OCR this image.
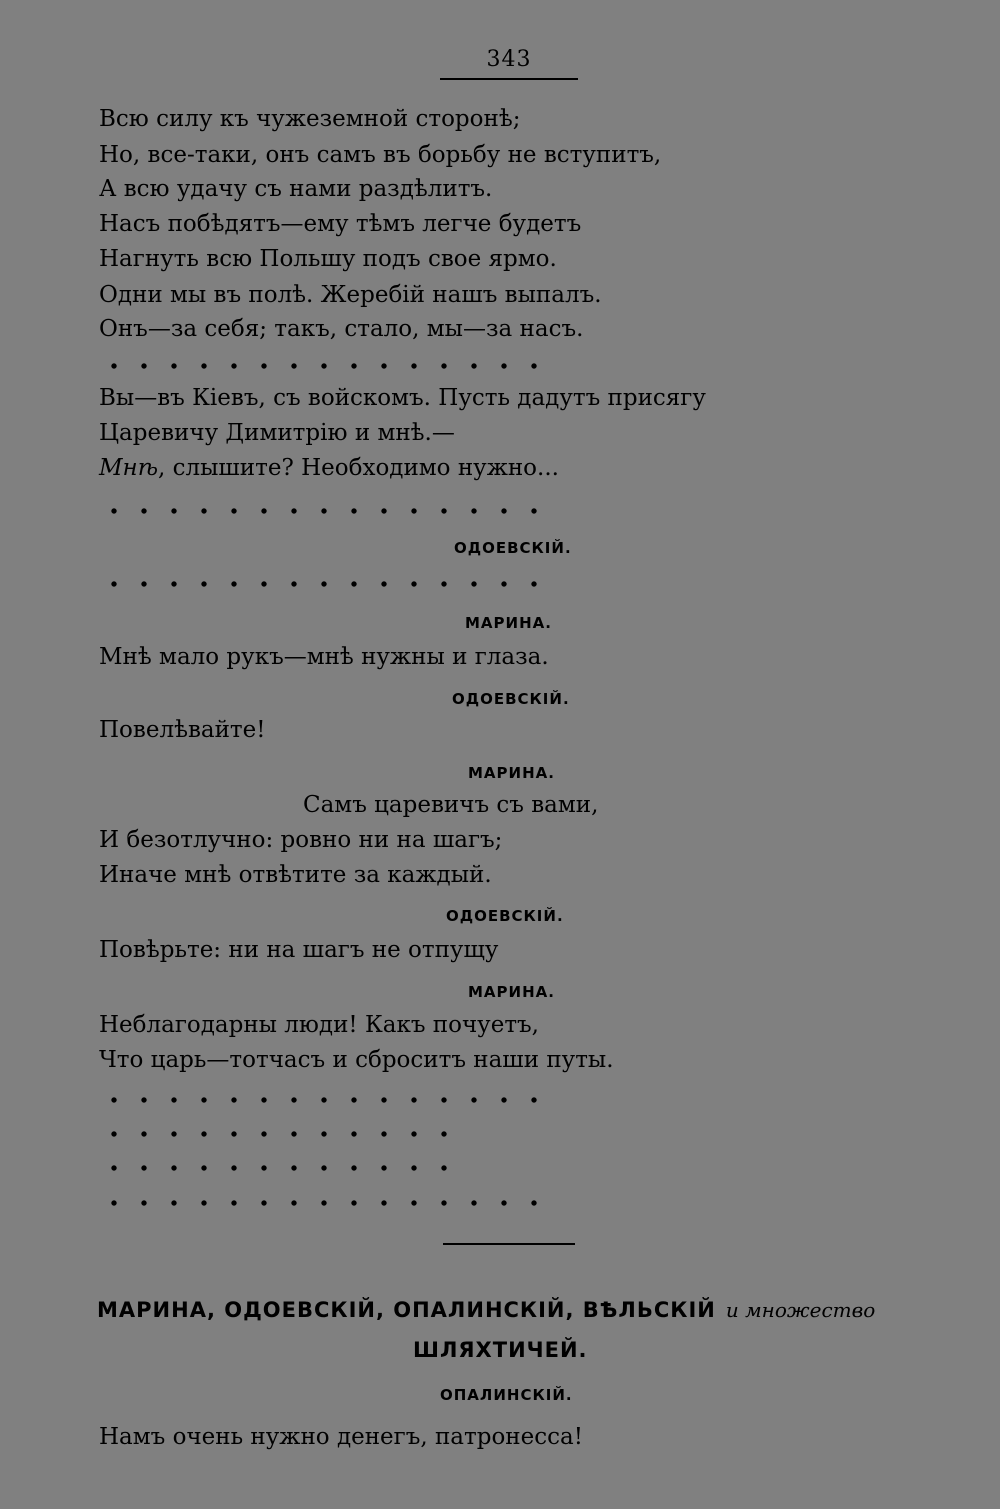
343
Всю силу къ чужеземной сторонѣ;
Но, все-таки, онъ самъ въ борьбу не вступитъ,
А всю удачу съ нами раздѣлитъ.
Насъ побѣдятъ—ему тѣмъ легче будетъ
Нагнуть всю Польшу подъ свое ярмо.
Одни мы въ полѣ. Жеребій нашъ выпалъ.
Онъ—за себя; такъ, стало, мы—за насъ.
Вы—въ Кіевъ, съ войскомъ. Пусть дадутъ присягу
Царевичу Димитрію и мнѣ.—
Мнѣ, слышите? Необходимо нужно...
ОДОЕВСКІЙ.
МАРИНА.
Мнѣ мало рукъ—мнѣ нужны и глаза.
ОДОЕВСКІЙ.
Повелѣвайте!
МАРИНА.
Самъ царевичъ съ вами,
И безотлучно: ровно ни на шагъ;
Иначе мнѣ отвѣтите за каждый.
ОДОЕВСКІЙ.
Повѣрьте: ни на шагъ не отпущу
МАРИНА.
Неблагодарны люди! Какъ почуетъ,
Что царь—тотчасъ и сброситъ наши путы.
МАРИНА, ОДОЕВСКІЙ, ОПАЛИНСКІЙ, ВѢЛЬСКІЙ и множество
ШЛЯХТИЧЕЙ.
ОПАЛИНСКІЙ.
Намъ очень нужно денегъ, патронесса!
